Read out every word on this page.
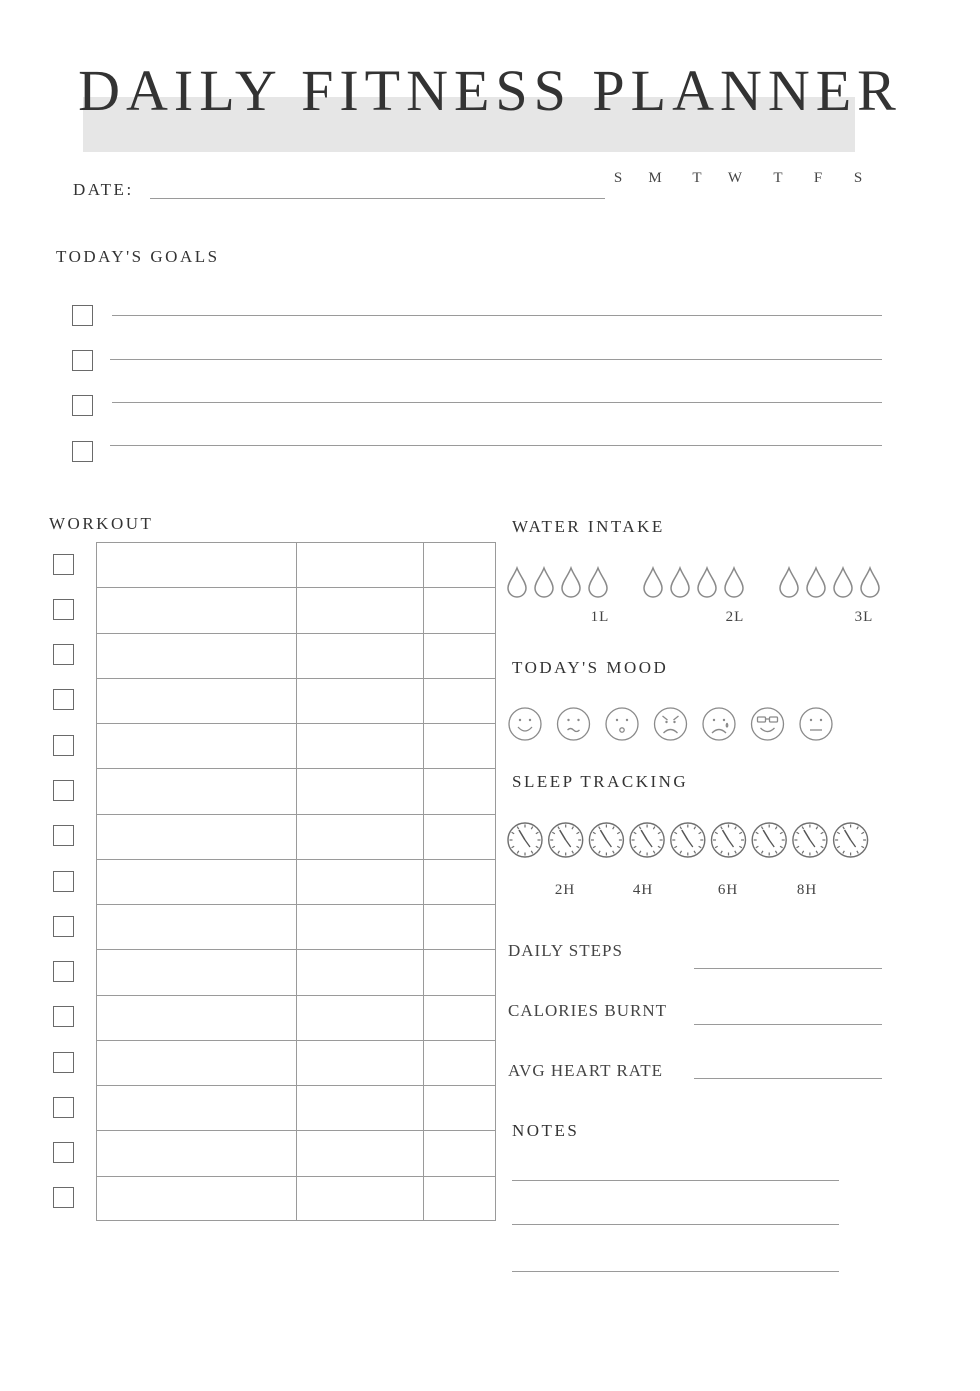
DAILY FITNESS PLANNER
DATE:
S	M	T	W	T	F	S
TODAY'S GOALS
WORKOUT	WATER INTAKE
1L	2L	3L
TODAY'S MOOD
SLEEP TRACKING
2H	4H	6H	8H
DAILY STEPS
CALORIES BURNT
AVG HEART RATE
NOTES
